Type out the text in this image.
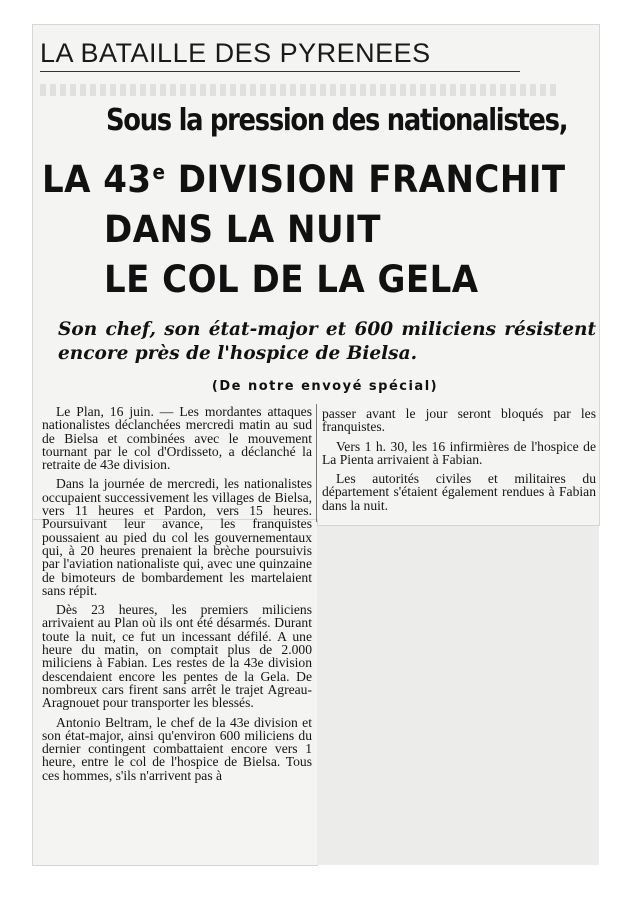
LA BATAILLE DES PYRENEES
Sous la pression des nationalistes,
LA 43e DIVISION FRANCHIT
DANS LA NUIT
LE COL DE LA GELA
Son chef, son état-major et 600 miliciens résistent encore près de l'hospice de Bielsa.
(De notre envoyé spécial)

Le Plan, 16 juin. — Les mordantes attaques nationalistes déclanchées mercredi matin au sud de Bielsa et combinées avec le mouvement tournant par le col d'Ordisseto, a déclanché la retraite de 43e division.

Dans la journée de mercredi, les nationalistes occupaient successivement les villages de Bielsa, vers 11 heures et Pardon, vers 15 heures. Poursuivant leur avance, les franquistes poussaient au pied du col les gouvernementaux qui, à 20 heures prenaient la brèche poursuivis par l'aviation nationaliste qui, avec une quinzaine de bimoteurs de bombardement les martelaient sans répit.

Dès 23 heures, les premiers miliciens arrivaient au Plan où ils ont été désarmés. Durant toute la nuit, ce fut un incessant défilé. A une heure du matin, on comptait plus de 2.000 miliciens à Fabian. Les restes de la 43e division descendaient encore les pentes de la Gela. De nombreux cars firent sans arrêt le trajet Agreau-Aragnouet pour transporter les blessés.

Antonio Beltram, le chef de la 43e division et son état-major, ainsi qu'environ 600 miliciens du dernier contingent combattaient encore vers 1 heure, entre le col de l'hospice de Bielsa. Tous ces hommes, s'ils n'arrivent pas à

passer avant le jour seront bloqués par les franquistes.

Vers 1 h. 30, les 16 infirmières de l'hospice de La Pienta arrivaient à Fabian.

Les autorités civiles et militaires du département s'étaient également rendues à Fabian dans la nuit.
